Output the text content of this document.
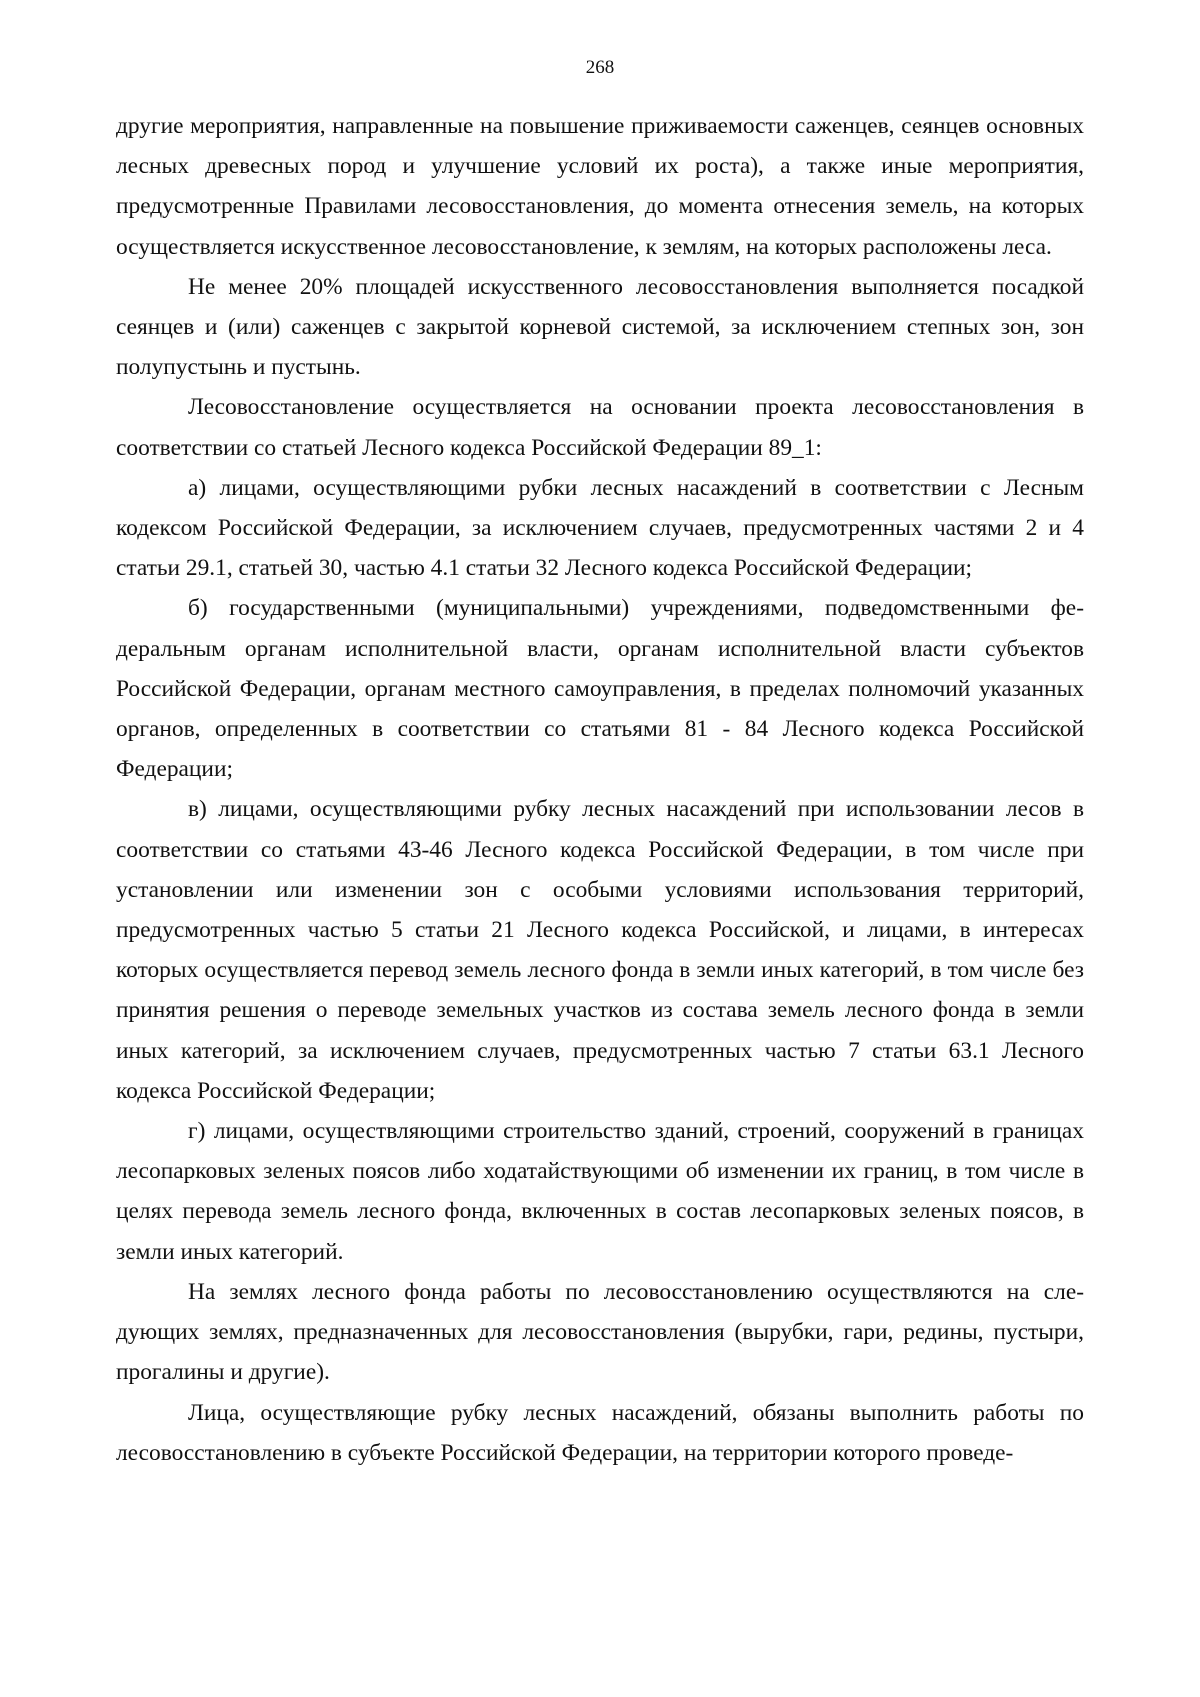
268

другие мероприятия, направленные на повышение приживаемости саженцев, сеянцев основных лесных древесных пород и улучшение условий их роста), а также иные мероприятия, предусмотренные Правилами лесовосстановления, до момента отнесения земель, на которых осуществляется искусственное лесовосстановление, к землям, на которых расположены леса.

Не менее 20% площадей искусственного лесовосстановления выполняется посадкой сеянцев и (или) саженцев с закрытой корневой системой, за исключением степных зон, зон полупустынь и пустынь.

Лесовосстановление осуществляется на основании проекта лесовосстановления в соответствии со статьей Лесного кодекса Российской Федерации 89_1:

а) лицами, осуществляющими рубки лесных насаждений в соответствии с Лесным кодексом Российской Федерации, за исключением случаев, предусмотренных частями 2 и 4 статьи 29.1, статьей 30, частью 4.1 статьи 32 Лесного кодекса Российской Федерации;

б) государственными (муниципальными) учреждениями, подведомственными федеральным органам исполнительной власти, органам исполнительной власти субъектов Российской Федерации, органам местного самоуправления, в пределах полномочий указанных органов, определенных в соответствии со статьями 81 - 84 Лесного кодекса Российской Федерации;

в) лицами, осуществляющими рубку лесных насаждений при использовании лесов в соответствии со статьями 43-46 Лесного кодекса Российской Федерации, в том числе при установлении или изменении зон с особыми условиями использования территорий, предусмотренных частью 5 статьи 21 Лесного кодекса Российской, и лицами, в интересах которых осуществляется перевод земель лесного фонда в земли иных категорий, в том числе без принятия решения о переводе земельных участков из состава земель лесного фонда в земли иных категорий, за исключением случаев, предусмотренных частью 7 статьи 63.1 Лесного кодекса Российской Федерации;

г) лицами, осуществляющими строительство зданий, строений, сооружений в границах лесопарковых зеленых поясов либо ходатайствующими об изменении их границ, в том числе в целях перевода земель лесного фонда, включенных в состав лесопарковых зеленых поясов, в земли иных категорий.

На землях лесного фонда работы по лесовосстановлению осуществляются на следующих землях, предназначенных для лесовосстановления (вырубки, гари, редины, пустыри, прогалины и другие).

Лица, осуществляющие рубку лесных насаждений, обязаны выполнить работы по лесовосстановлению в субъекте Российской Федерации, на территории которого проведе-
